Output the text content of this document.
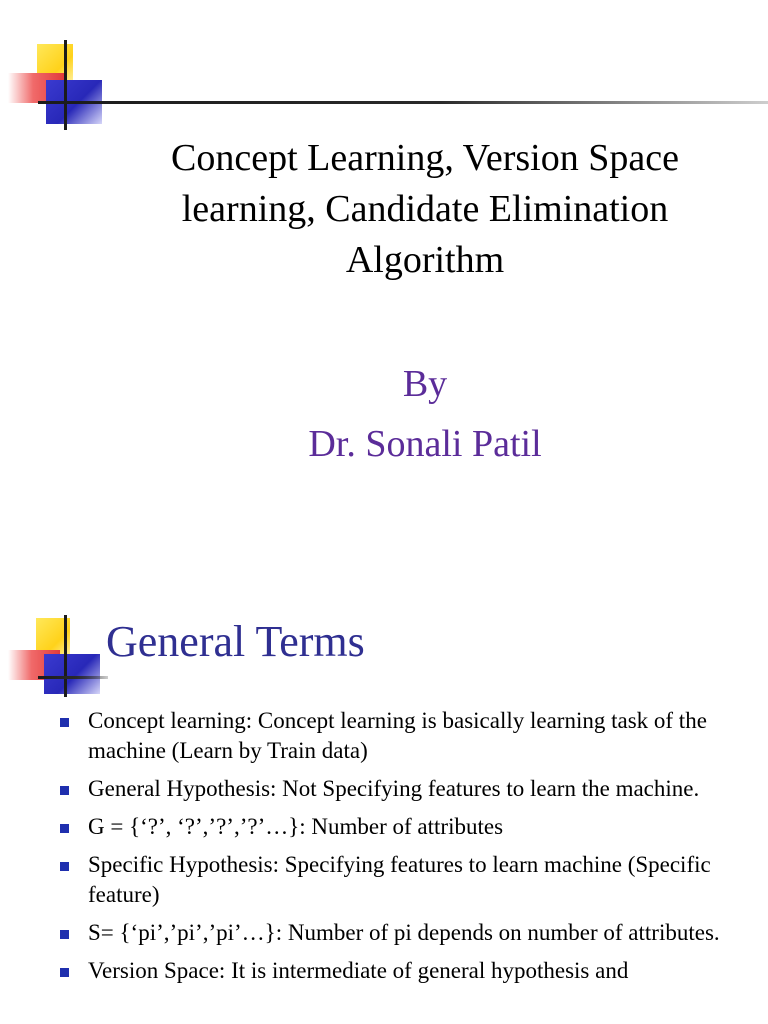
Concept Learning, Version Space
learning, Candidate Elimination
Algorithm
By
Dr. Sonali Patil
General Terms
Concept learning: Concept learning is basically learning task of the machine (Learn by Train data)
General Hypothesis: Not Specifying features to learn the machine.
G = {‘?’, ‘?’,’?’,’?’…}: Number of attributes
Specific Hypothesis: Specifying features to learn machine (Specific feature)
S= {‘pi’,’pi’,’pi’…}: Number of pi depends on number of attributes.
Version Space: It is intermediate of general hypothesis and
